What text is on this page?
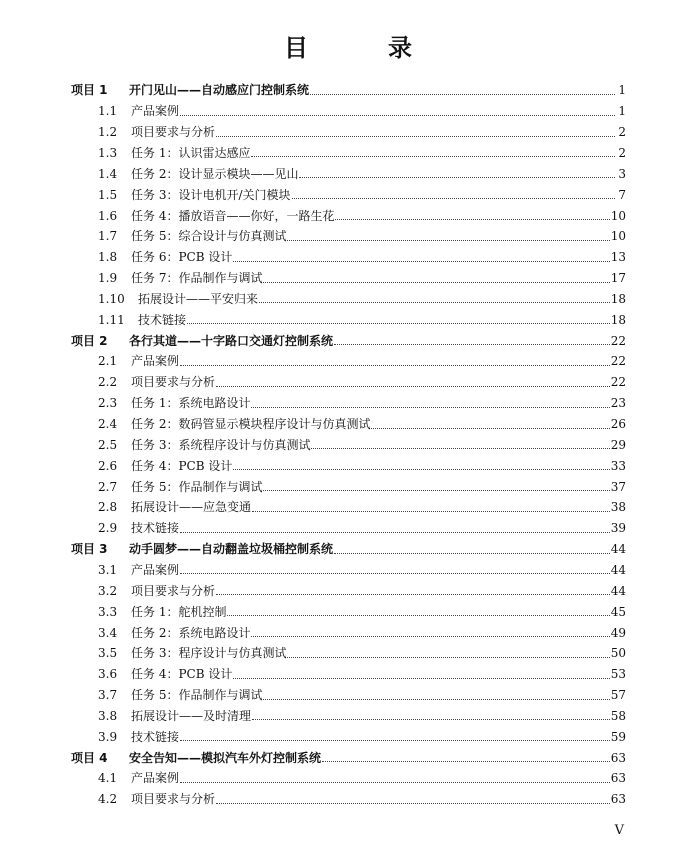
目　录
项目 1	开门见山——自动感应门控制系统	1
1.1	产品案例	1
1.2	项目要求与分析	2
1.3	任务 1：认识雷达感应	2
1.4	任务 2：设计显示模块——见山	3
1.5	任务 3：设计电机开/关门模块	7
1.6	任务 4：播放语音——你好，一路生花	10
1.7	任务 5：综合设计与仿真测试	10
1.8	任务 6：PCB 设计	13
1.9	任务 7：作品制作与调试	17
1.10	拓展设计——平安归来	18
1.11	技术链接	18
项目 2	各行其道——十字路口交通灯控制系统	22
2.1	产品案例	22
2.2	项目要求与分析	22
2.3	任务 1：系统电路设计	23
2.4	任务 2：数码管显示模块程序设计与仿真测试	26
2.5	任务 3：系统程序设计与仿真测试	29
2.6	任务 4：PCB 设计	33
2.7	任务 5：作品制作与调试	37
2.8	拓展设计——应急变通	38
2.9	技术链接	39
项目 3	动手圆梦——自动翻盖垃圾桶控制系统	44
3.1	产品案例	44
3.2	项目要求与分析	44
3.3	任务 1：舵机控制	45
3.4	任务 2：系统电路设计	49
3.5	任务 3：程序设计与仿真测试	50
3.6	任务 4：PCB 设计	53
3.7	任务 5：作品制作与调试	57
3.8	拓展设计——及时清理	58
3.9	技术链接	59
项目 4	安全告知——模拟汽车外灯控制系统	63
4.1	产品案例	63
4.2	项目要求与分析	63
V
